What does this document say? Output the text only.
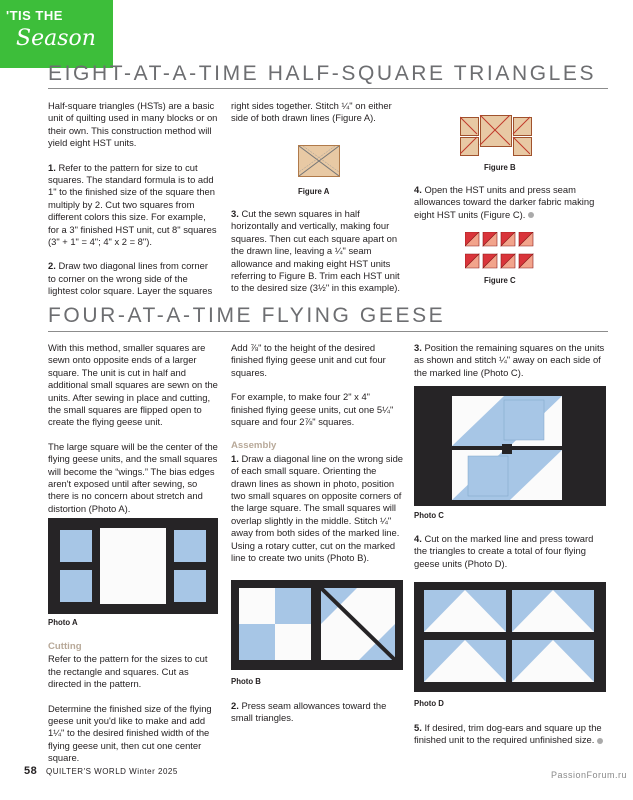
'TIS THE
Season
EIGHT-AT-A-TIME HALF-SQUARE TRIANGLES

Half-square triangles (HSTs) are a basic unit of quilting used in many blocks or on their own. This construction method will yield eight HST units.

1. Refer to the pattern for size to cut squares. The standard formula is to add 1" to the finished size of the square then multiply by 2. Cut two squares from different colors this size. For example, for a 3" finished HST unit, cut 8" squares (3" + 1" = 4"; 4" x 2 = 8").

2. Draw two diagonal lines from corner to corner on the wrong side of the lightest color square. Layer the squares

right sides together. Stitch ¼" on either side of both drawn lines (Figure A).

Figure A

3. Cut the sewn squares in half horizontally and vertically, making four squares. Then cut each square apart on the drawn line, leaving a ¼" seam allowance and making eight HST units referring to Figure B. Trim each HST unit to the desired size (3½" in this example).

Figure B

4. Open the HST units and press seam allowances toward the darker fabric making eight HST units (Figure C).

Figure C
FOUR-AT-A-TIME FLYING GEESE

With this method, smaller squares are sewn onto opposite ends of a larger square. The unit is cut in half and additional small squares are sewn on the units. After sewing in place and cutting, the small squares are flipped open to create the flying geese unit.

The large square will be the center of the flying geese units, and the small squares will become the “wings.” The bias edges aren't exposed until after sewing, so there is no concern about stretch and distortion (Photo A).

Photo A
Cutting

Refer to the pattern for the sizes to cut the rectangle and squares. Cut as directed in the pattern.

Determine the finished size of the flying geese unit you'd like to make and add 1¼" to the desired finished width of the flying geese unit, then cut one center square.

Add ⅞" to the height of the desired finished flying geese unit and cut four squares.

For example, to make four 2" x 4" finished flying geese units, cut one 5¼" square and four 2⅞" squares.

Assembly

1. Draw a diagonal line on the wrong side of each small square. Orienting the drawn lines as shown in photo, position two small squares on opposite corners of the large square. The small squares will overlap slightly in the middle. Stitch ¼" away from both sides of the marked line. Using a rotary cutter, cut on the marked line to create two units (Photo B).

Photo B

2. Press seam allowances toward the small triangles.

3. Position the remaining squares on the units as shown and stitch ¼" away on each side of the marked line (Photo C).

Photo C

4. Cut on the marked line and press toward the triangles to create a total of four flying geese units (Photo D).

Photo D

5. If desired, trim dog-ears and square up the finished unit to the required unfinished size.

58 QUILTER'S WORLD Winter 2025	PassionForum.ru
